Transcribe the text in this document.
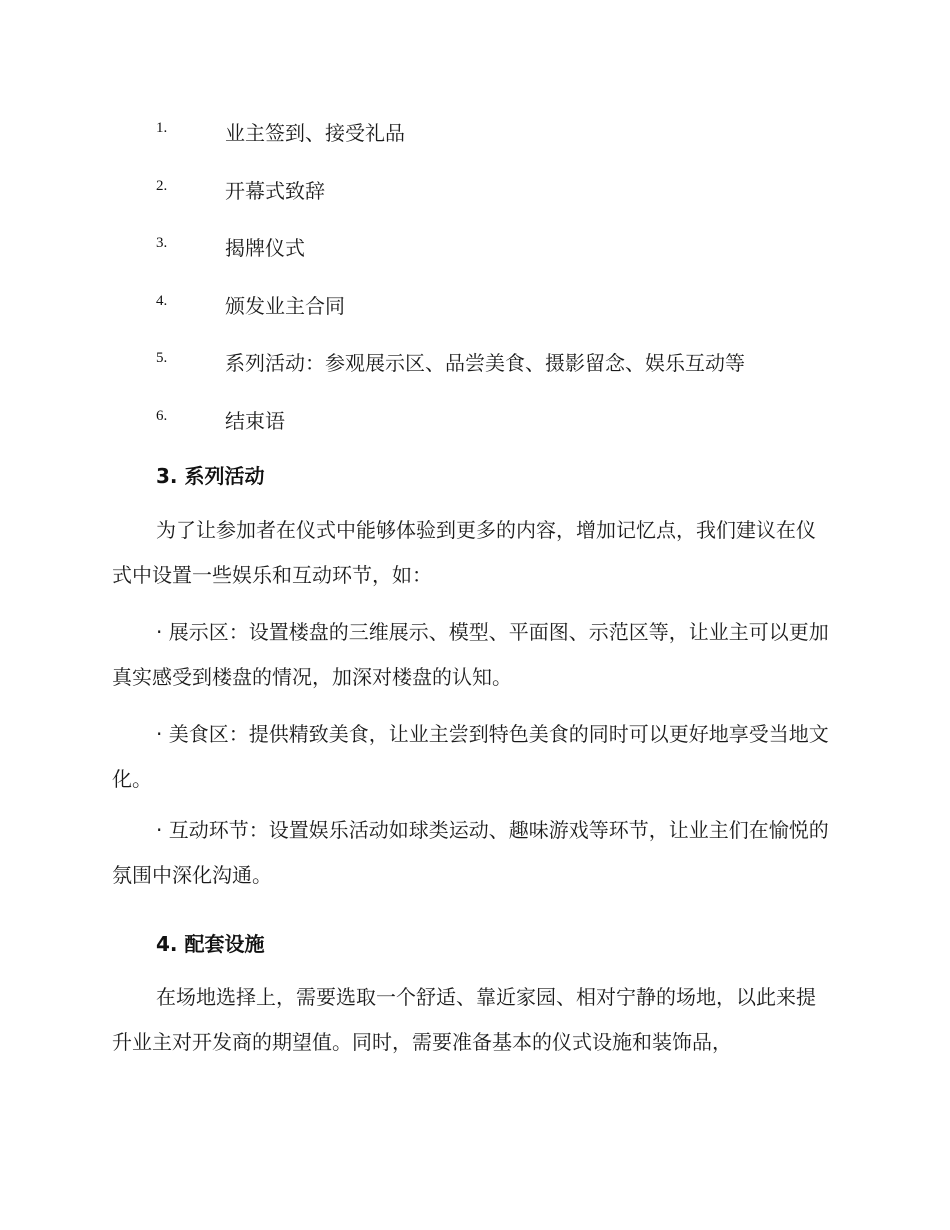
1.	业主签到、接受礼品
2.	开幕式致辞
3.	揭牌仪式
4.	颁发业主合同
5.	系列活动：参观展示区、品尝美食、摄影留念、娱乐互动等
6.	结束语
3. 系列活动

为了让参加者在仪式中能够体验到更多的内容，增加记忆点，我们建议在仪式中设置一些娱乐和互动环节，如：

· 展示区：设置楼盘的三维展示、模型、平面图、示范区等，让业主可以更加真实感受到楼盘的情况，加深对楼盘的认知。

· 美食区：提供精致美食，让业主尝到特色美食的同时可以更好地享受当地文化。

· 互动环节：设置娱乐活动如球类运动、趣味游戏等环节，让业主们在愉悦的氛围中深化沟通。

4. 配套设施

在场地选择上，需要选取一个舒适、靠近家园、相对宁静的场地，以此来提升业主对开发商的期望值。同时，需要准备基本的仪式设施和装饰品，
